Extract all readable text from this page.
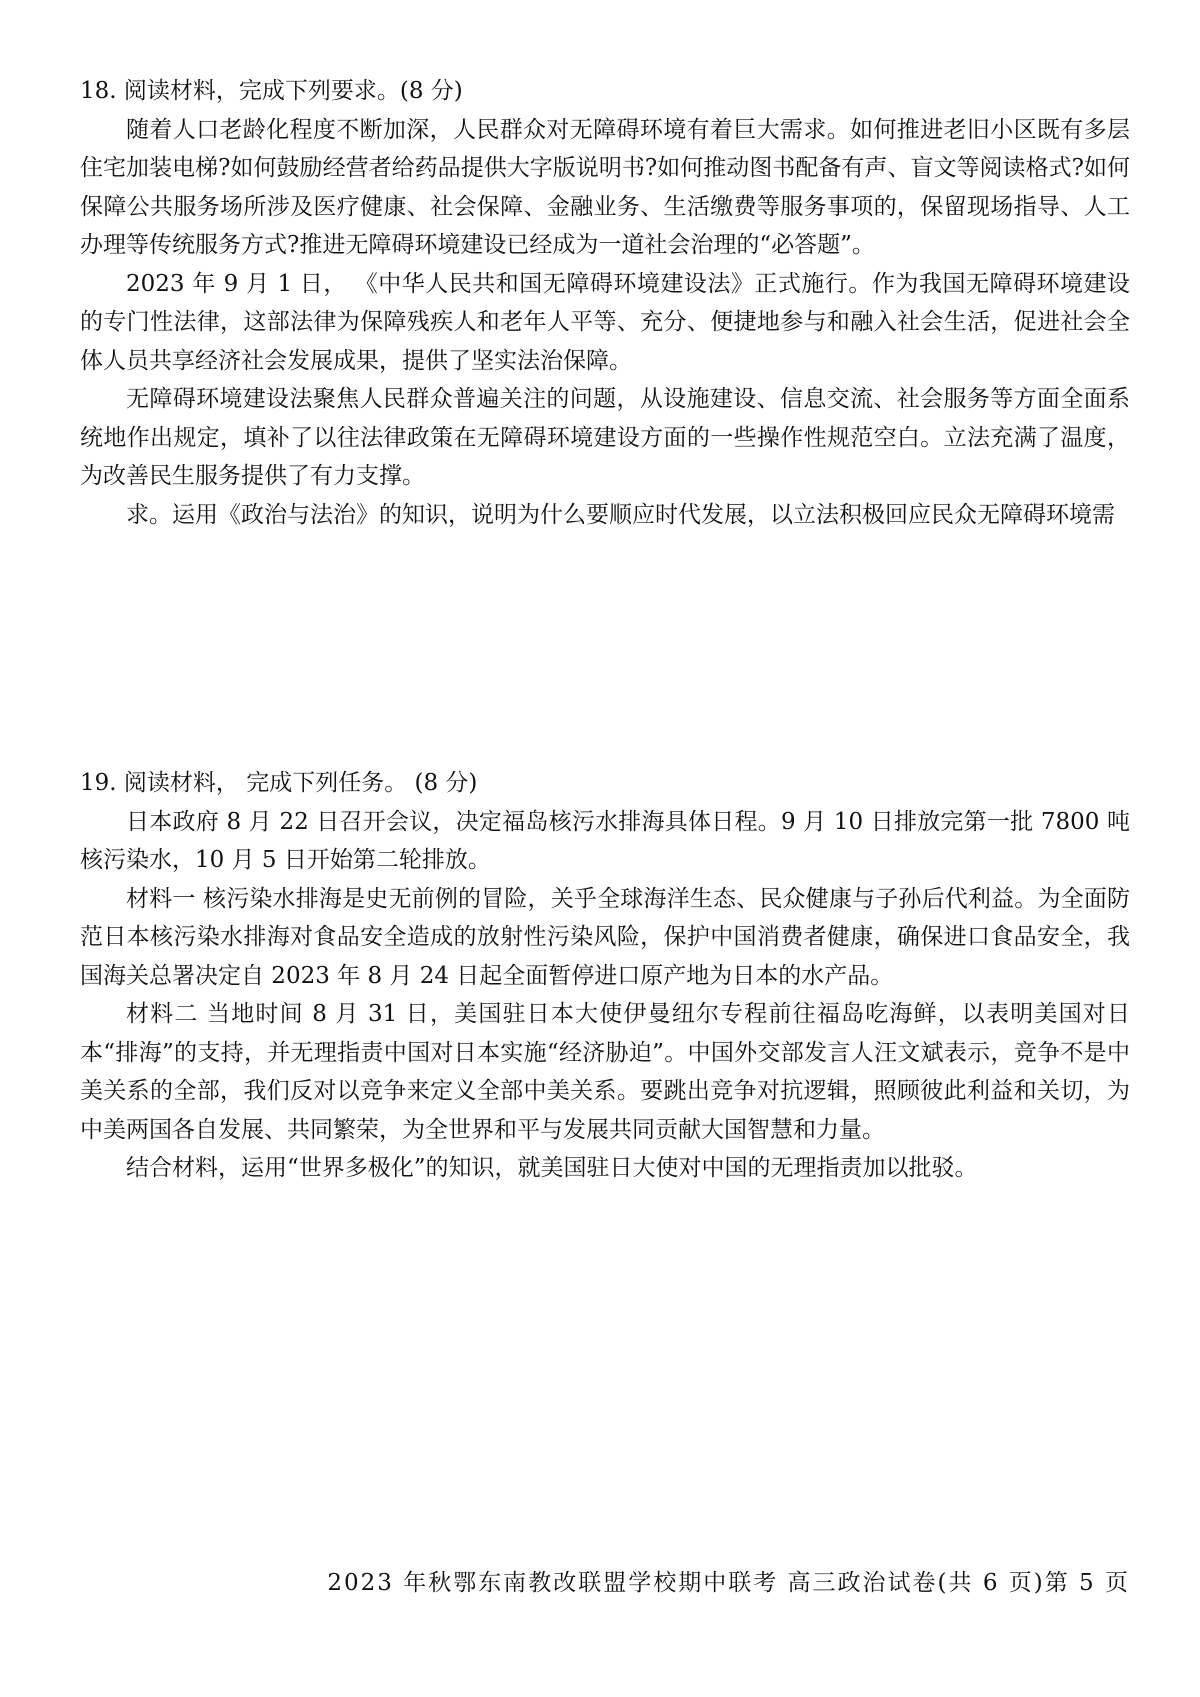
18. 阅读材料，完成下列要求。(8 分)

随着人口老龄化程度不断加深，人民群众对无障碍环境有着巨大需求。如何推进老旧小区既有多层住宅加装电梯?如何鼓励经营者给药品提供大字版说明书?如何推动图书配备有声、盲文等阅读格式?如何保障公共服务场所涉及医疗健康、社会保障、金融业务、生活缴费等服务事项的，保留现场指导、人工办理等传统服务方式?推进无障碍环境建设已经成为一道社会治理的“必答题”。

2023 年 9 月 1 日， 《中华人民共和国无障碍环境建设法》正式施行。作为我国无障碍环境建设的专门性法律，这部法律为保障残疾人和老年人平等、充分、便捷地参与和融入社会生活，促进社会全体人员共享经济社会发展成果，提供了坚实法治保障。

无障碍环境建设法聚焦人民群众普遍关注的问题，从设施建设、信息交流、社会服务等方面全面系统地作出规定，填补了以往法律政策在无障碍环境建设方面的一些操作性规范空白。立法充满了温度， 为改善民生服务提供了有力支撑。

求。运用《政治与法治》的知识，说明为什么要顺应时代发展，以立法积极回应民众无障碍环境需

19. 阅读材料， 完成下列任务。 (8 分)

日本政府 8 月 22 日召开会议，决定福岛核污水排海具体日程。9 月 10 日排放完第一批 7800 吨核污染水，10 月 5 日开始第二轮排放。

材料一 核污染水排海是史无前例的冒险，关乎全球海洋生态、民众健康与子孙后代利益。为全面防范日本核污染水排海对食品安全造成的放射性污染风险，保护中国消费者健康，确保进口食品安全，我国海关总署决定自 2023 年 8 月 24 日起全面暂停进口原产地为日本的水产品。

材料二 当地时间 8 月 31 日，美国驻日本大使伊曼纽尔专程前往福岛吃海鲜，以表明美国对日本“排海”的支持，并无理指责中国对日本实施“经济胁迫”。中国外交部发言人汪文斌表示，竞争不是中美关系的全部，我们反对以竞争来定义全部中美关系。要跳出竞争对抗逻辑，照顾彼此利益和关切，为中美两国各自发展、共同繁荣，为全世界和平与发展共同贡献大国智慧和力量。

结合材料，运用“世界多极化”的知识，就美国驻日大使对中国的无理指责加以批驳。

2023 年秋鄂东南教改联盟学校期中联考 高三政治试卷(共 6 页)第 5 页
